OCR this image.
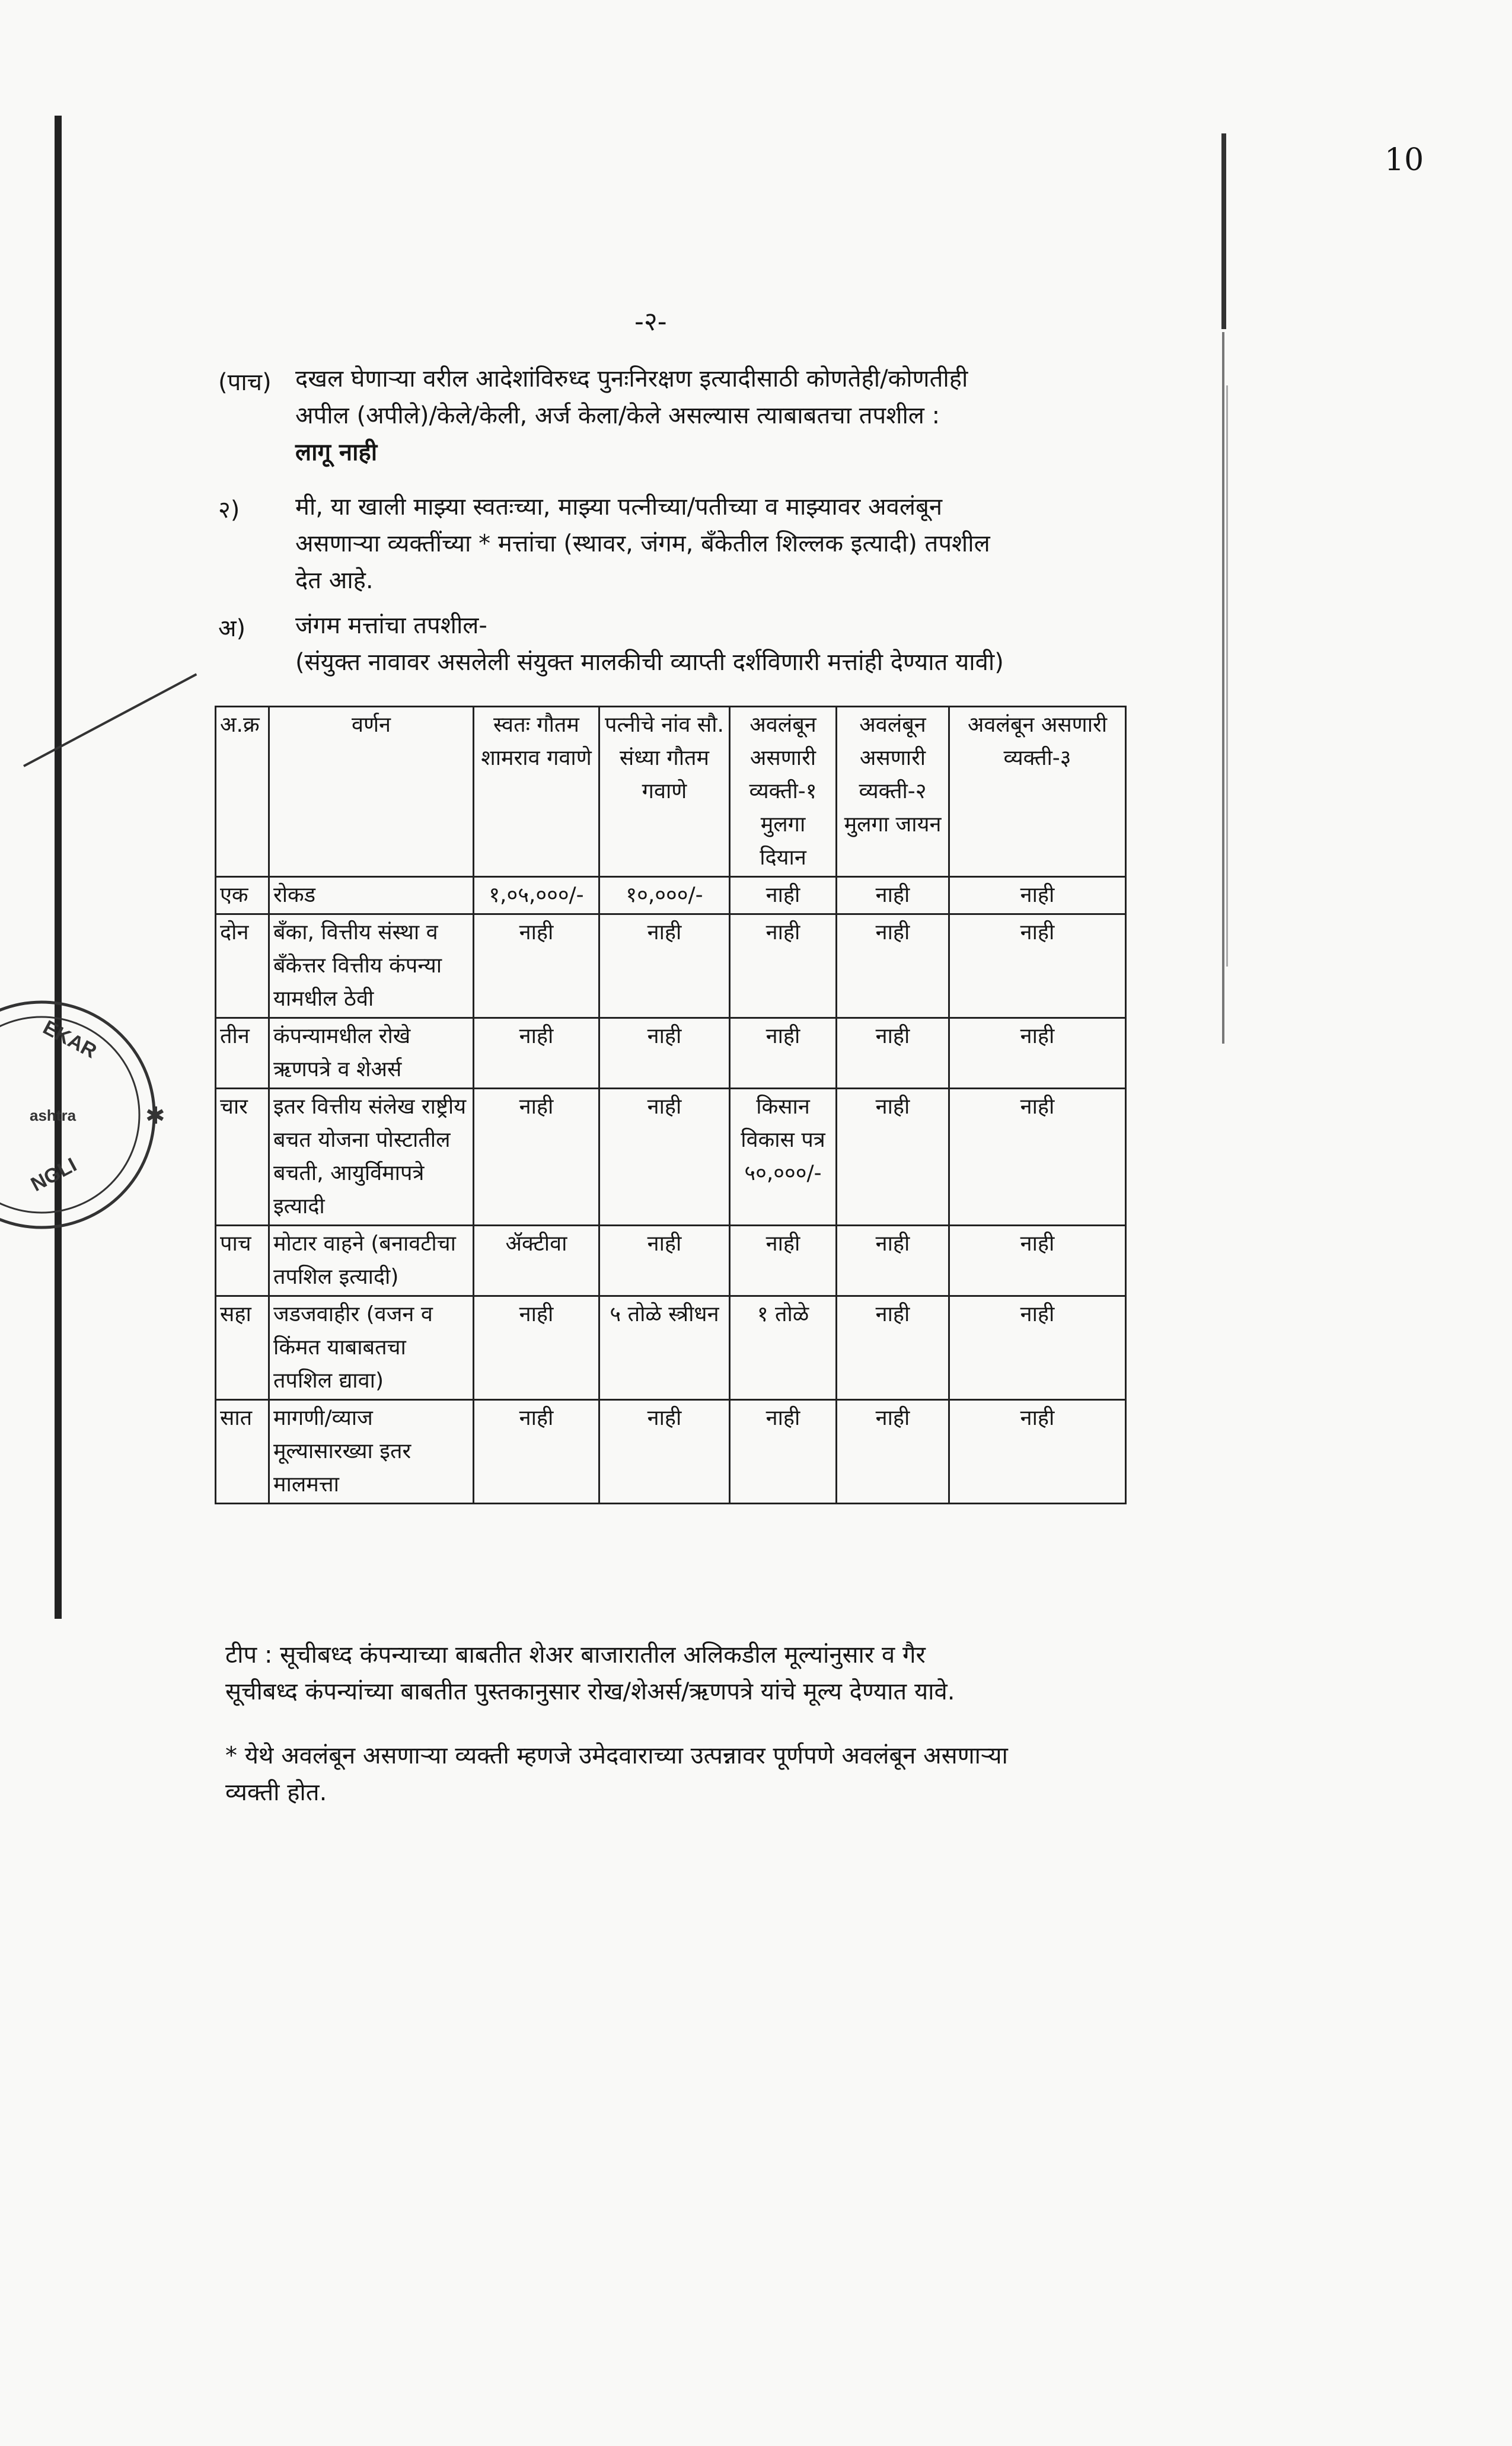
EKAR
ashtra
NGLI
✱
10
-२-
(पाच) दखल घेणाऱ्या वरील आदेशांविरुध्द पुनःनिरक्षण इत्यादीसाठी कोणतेही/कोणतीही
अपील (अपीले)/केले/केली, अर्ज केला/केले असल्यास त्याबाबतचा तपशील :
लागू नाही
२) मी, या खाली माझ्या स्वतःच्या, माझ्या पत्नीच्या/पतीच्या व माझ्यावर अवलंबून
असणाऱ्या व्यक्तींच्या * मत्तांचा (स्थावर, जंगम, बँकेतील शिल्लक इत्यादी) तपशील
देत आहे.
अ) जंगम मत्तांचा तपशील-
(संयुक्त नावावर असलेली संयुक्त मालकीची व्याप्ती दर्शविणारी मत्तांही देण्यात यावी)
अ.क्र	वर्णन	स्वतः गौतम शामराव गवाणे	पत्नीचे नांव सौ. संध्या गौतम गवाणे	अवलंबून असणारी व्यक्ती-१ मुलगा दियान	अवलंबून असणारी व्यक्ती-२ मुलगा जायन	अवलंबून असणारी व्यक्ती-३
एक	रोकड	१,०५,०००/-	१०,०००/-	नाही	नाही	नाही
दोन	बँका, वित्तीय संस्था व बँकेत्तर वित्तीय कंपन्या यामधील ठेवी	नाही	नाही	नाही	नाही	नाही
तीन	कंपन्यामधील रोखे ऋणपत्रे व शेअर्स	नाही	नाही	नाही	नाही	नाही
चार	इतर वित्तीय संलेख राष्ट्रीय बचत योजना पोस्टातील बचती, आयुर्विमापत्रे इत्यादी	नाही	नाही	किसान विकास पत्र ५०,०००/-	नाही	नाही
पाच	मोटार वाहने (बनावटीचा तपशिल इत्यादी)	ॲक्टीवा	नाही	नाही	नाही	नाही
सहा	जडजवाहीर (वजन व किंमत याबाबतचा तपशिल द्यावा)	नाही	५ तोळे स्त्रीधन	१ तोळे	नाही	नाही
सात	मागणी/व्याज मूल्यासारख्या इतर मालमत्ता	नाही	नाही	नाही	नाही	नाही
टीप : सूचीबध्द कंपन्याच्या बाबतीत शेअर बाजारातील अलिकडील मूल्यांनुसार व गैर
सूचीबध्द कंपन्यांच्या बाबतीत पुस्तकानुसार रोख/शेअर्स/ऋणपत्रे यांचे मूल्य देण्यात यावे.
* येथे अवलंबून असणाऱ्या व्यक्ती म्हणजे उमेदवाराच्या उत्पन्नावर पूर्णपणे अवलंबून असणाऱ्या
व्यक्ती होत.
